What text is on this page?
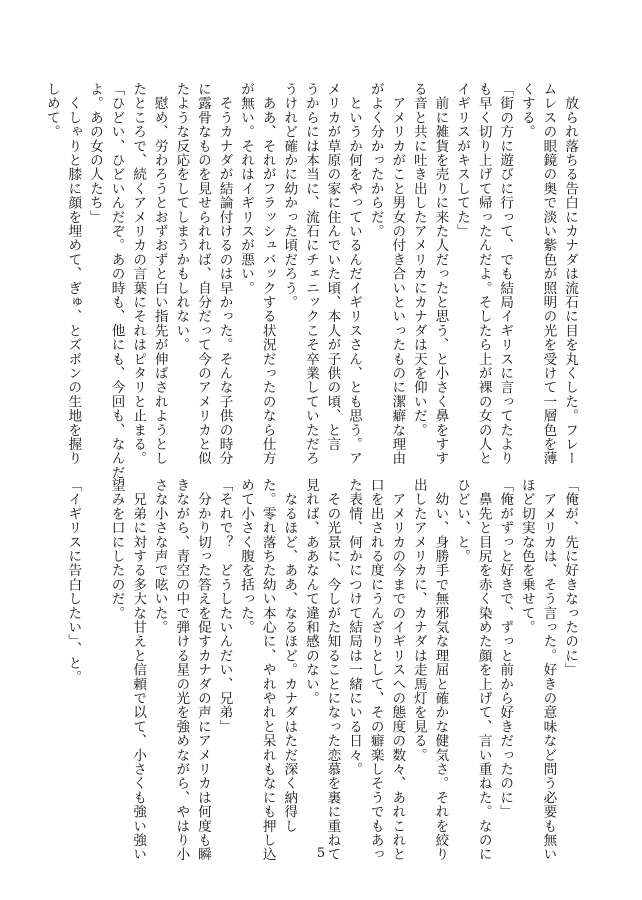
　放られ落ちる告白にカナダは流石に目を丸くした。フレー

ムレスの眼鏡の奥で淡い紫色が照明の光を受けて一層色を薄

くする。

「街の方に遊びに行って、でも結局イギリスに言ってたより

も早く切り上げて帰ったんだよ。そしたら上が裸の女の人と

イギリスがキスしてた」

　前に雑貨を売りに来た人だったと思う、と小さく鼻をすす

る音と共に吐き出したアメリカにカナダは天を仰いだ。

　アメリカがこと男女の付き合いといったものに潔癖な理由

がよく分かったからだ。

　というか何をやっているんだイギリスさん、とも思う。ア

メリカが草原の家に住んでいた頃、本人が子供の頃、と言

うからには本当に、流石にチェニックこそ卒業していただろ

うけれど確かに幼かった頃だろう。

　ああ、それがフラッシュバックする状況だったのなら仕方

が無い。それはイギリスが悪い。

　そうカナダが結論付けるのは早かった。そんな子供の時分

に露骨なものを見せられれば、自分だって今のアメリカと似

たような反応をしてしまうかもしれない。

　慰め、労わろうとおずおずと白い指先が伸ばされようとし

たところで、続くアメリカの言葉にそれはピタリと止まる。

「ひどい、ひどいんだぞ。あの時も、他にも、今回も、なんだ

よ。あの女の人たち」

　くしゃりと膝に顔を埋めて、ぎゅ、とズボンの生地を握り

しめて。

「俺が、先に好きなったのに」

　アメリカは、そう言った。好きの意味など問う必要も無い

ほど切実な色を乗せて。

「俺がずっと好きで、ずっと前から好きだったのに」

　鼻先と目尻を赤く染めた顔を上げて、言い重ねた。なのに

ひどい、と。

　幼い、身勝手で無邪気な理屈と確かな健気さ。それを絞り

出したアメリカに、カナダは走馬灯を見る。

　アメリカの今までのイギリスへの態度の数々、あれこれと

口を出される度にうんざりとして、その癖楽しそうでもあっ

た表情、何かにつけて結局は一緒にいる日々。

　その光景に、今しがた知ることになった恋慕を裏に重ねて

見れば、ああなんて違和感のない。

　なるほど、ああ、なるほど。カナダはただ深く納得し

た。零れ落ちた幼い本心に、やれやれと呆れもなにも押し込

めて小さく腹を括った。

「それで？　どうしたいんだい、兄弟」

　分かり切った答えを促すカナダの声にアメリカは何度も瞬

きながら、青空の中で弾ける星の光を強めながら、やはり小

さな小さな声で呟いた。

　兄弟に対する多大な甘えと信頼で以て、小さくも強い強い

望みを口にしたのだ。

「イギリスに告白したい」、と。

5
